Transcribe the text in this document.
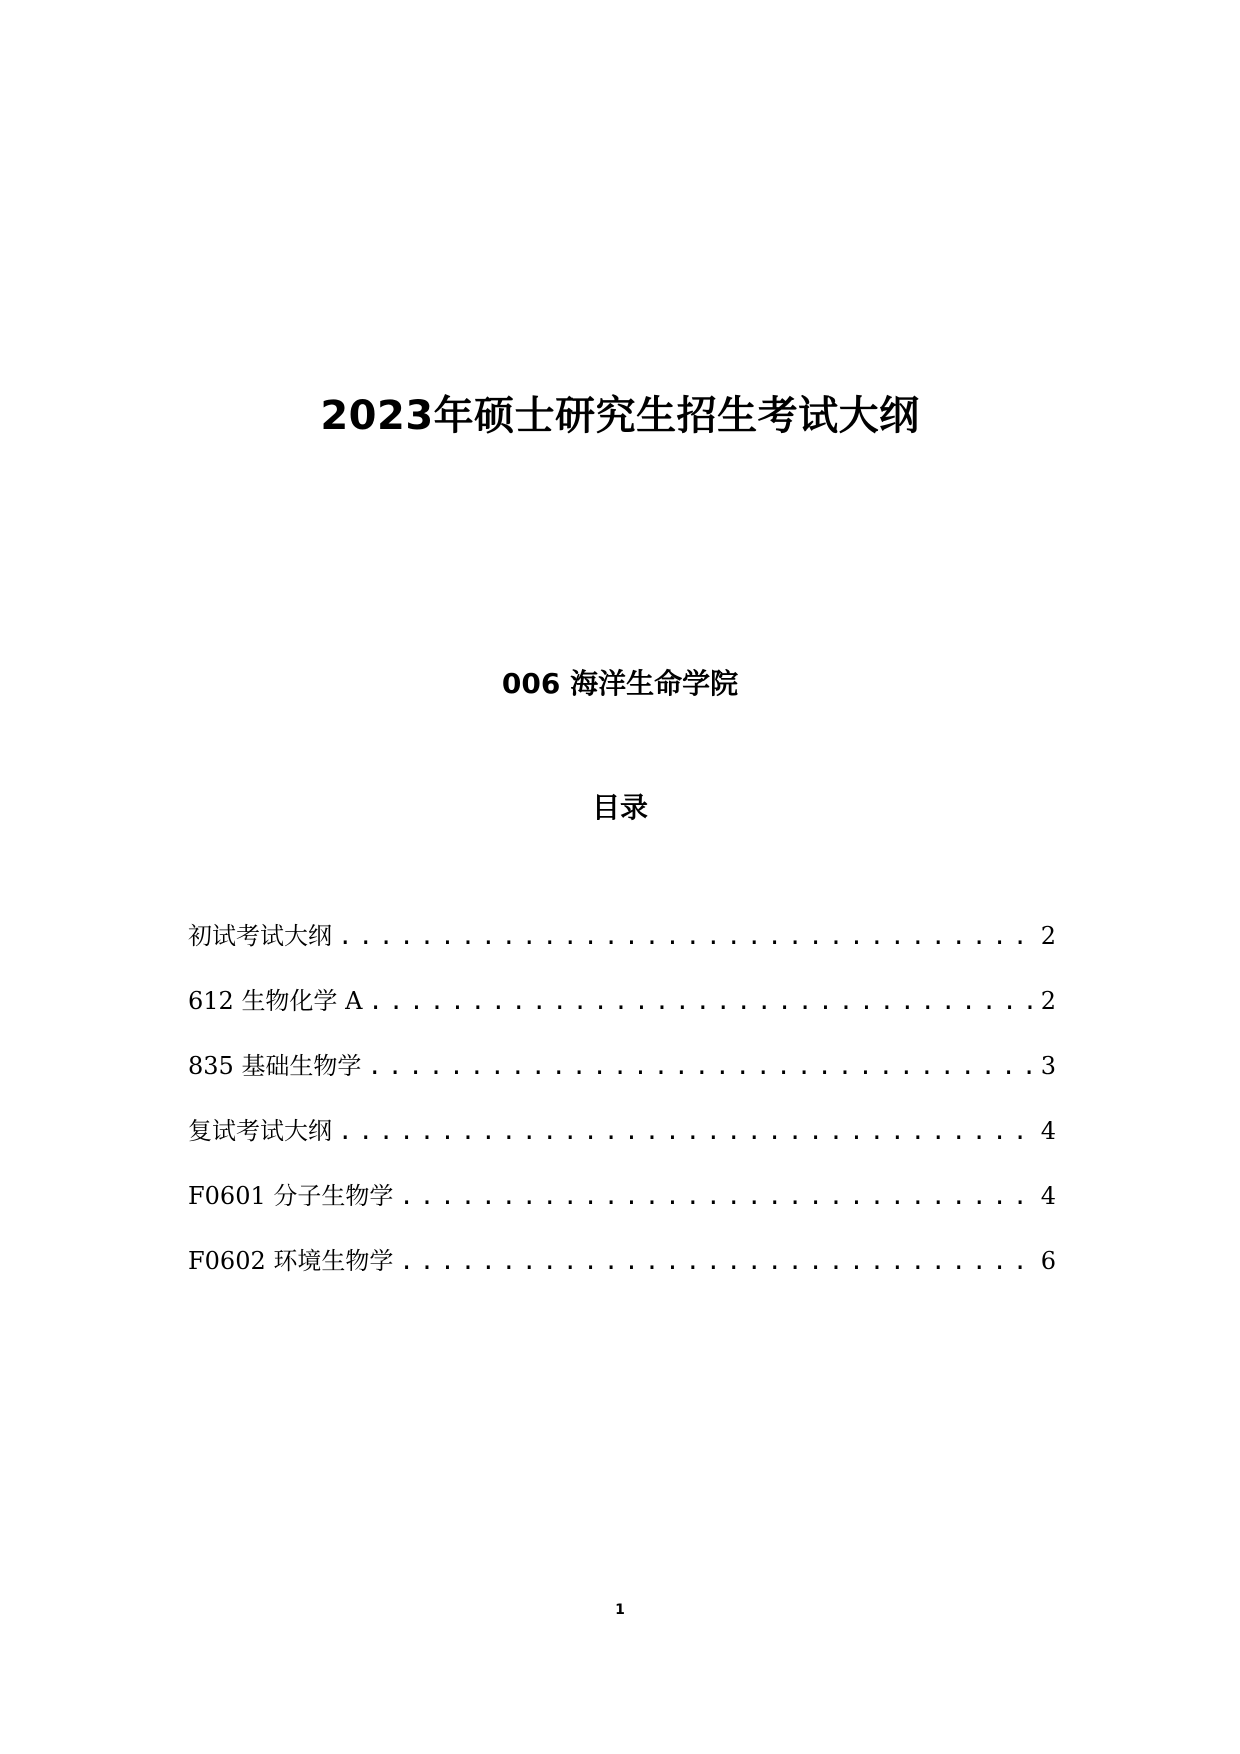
2023年硕士研究生招生考试大纲
006 海洋生命学院
目录
初试考试大纲 .....	2
612 生物化学 A .....	2
835 基础生物学 .....	3
复试考试大纲 .....	4
F0601 分子生物学 .....	4
F0602 环境生物学 .....	6
1
